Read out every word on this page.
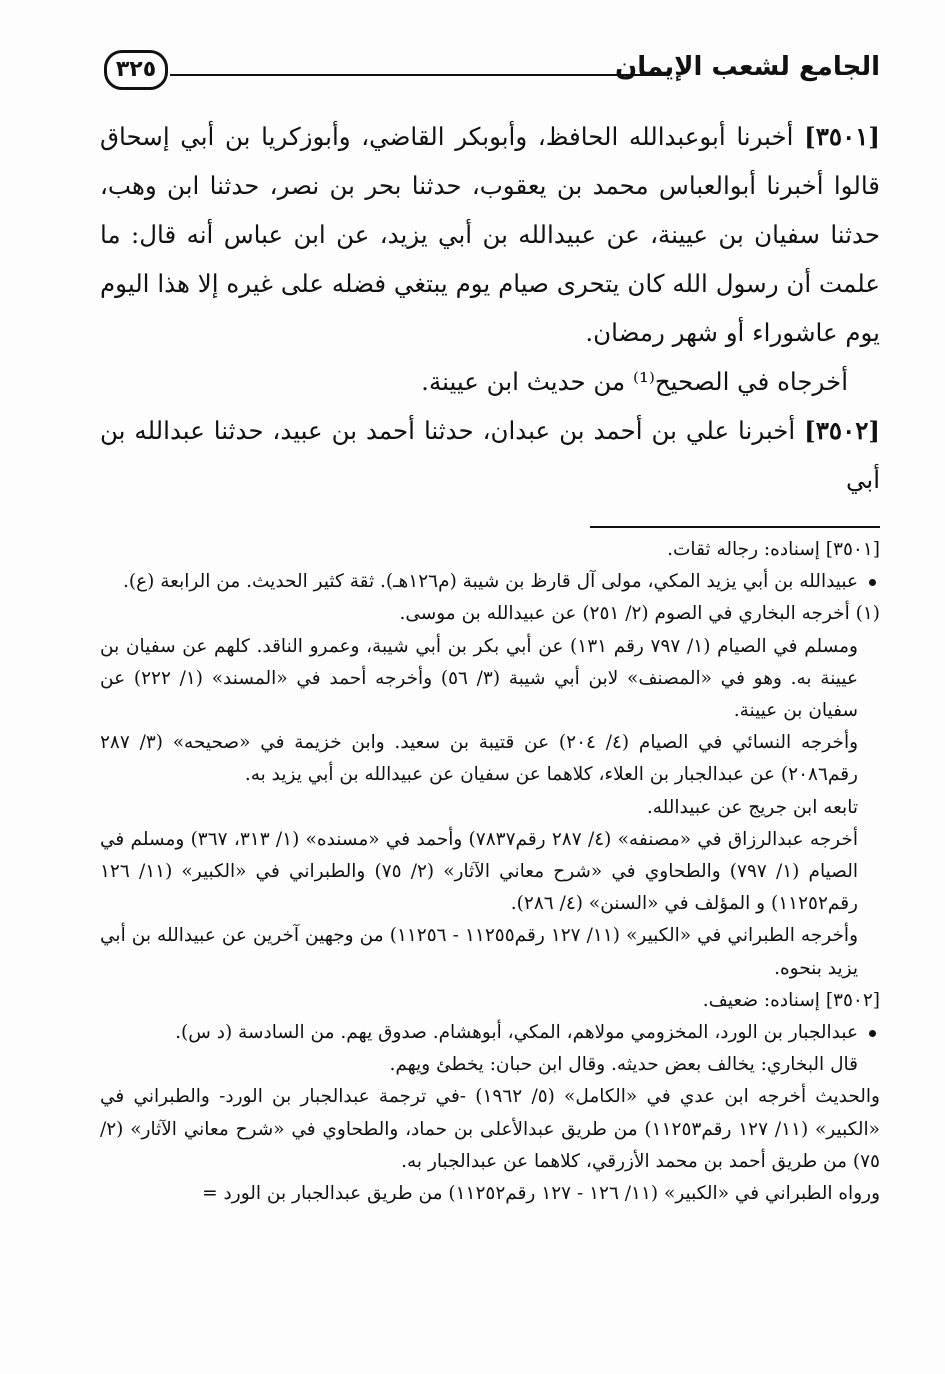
الجامع لشعب الإيمان
٣٢٥

[٣٥٠١] أخبرنا أبوعبدالله الحافظ، وأبوبكر القاضي، وأبوزكريا بن أبي إسحاق قالوا أخبرنا أبوالعباس محمد بن يعقوب، حدثنا بحر بن نصر، حدثنا ابن وهب، حدثنا سفيان بن عيينة، عن عبيدالله بن أبي يزيد، عن ابن عباس أنه قال: ما علمت أن رسول الله كان يتحرى صيام يوم يبتغي فضله على غيره إلا هذا اليوم يوم عاشوراء أو شهر رمضان.

أخرجاه في الصحيح⁽¹⁾ من حديث ابن عيينة.

[٣٥٠٢] أخبرنا علي بن أحمد بن عبدان، حدثنا أحمد بن عبيد، حدثنا عبدالله بن أبي

[٣٥٠١] إسناده: رجاله ثقات.

عبيدالله بن أبي يزيد المكي، مولى آل قارظ بن شيبة (م١٢٦هـ). ثقة كثير الحديث. من الرابعة (ع).

(١) أخرجه البخاري في الصوم (٢/ ٢٥١) عن عبيدالله بن موسى.

ومسلم في الصيام (١/ ٧٩٧ رقم ١٣١) عن أبي بكر بن أبي شيبة، وعمرو الناقد. كلهم عن سفيان بن عيينة به. وهو في «المصنف» لابن أبي شيبة (٣/ ٥٦) وأخرجه أحمد في «المسند» (١/ ٢٢٢) عن سفيان بن عيينة.

وأخرجه النسائي في الصيام (٤/ ٢٠٤) عن قتيبة بن سعيد. وابن خزيمة في «صحيحه» (٣/ ٢٨٧ رقم٢٠٨٦) عن عبدالجبار بن العلاء، كلاهما عن سفيان عن عبيدالله بن أبي يزيد به.

تابعه ابن جريج عن عبيدالله.

أخرجه عبدالرزاق في «مصنفه» (٤/ ٢٨٧ رقم٧٨٣٧) وأحمد في «مسنده» (١/ ٣١٣، ٣٦٧) ومسلم في الصيام (١/ ٧٩٧) والطحاوي في «شرح معاني الآثار» (٢/ ٧٥) والطبراني في «الكبير» (١١/ ١٢٦ رقم١١٢٥٢) و المؤلف في «السنن» (٤/ ٢٨٦).

وأخرجه الطبراني في «الكبير» (١١/ ١٢٧ رقم١١٢٥٥ - ١١٢٥٦) من وجهين آخرين عن عبيدالله بن أبي يزيد بنحوه.

[٣٥٠٢] إسناده: ضعيف.

عبدالجبار بن الورد، المخزومي مولاهم، المكي، أبوهشام. صدوق يهم. من السادسة (د س).

قال البخاري: يخالف بعض حديثه. وقال ابن حبان: يخطئ ويهم.

والحديث أخرجه ابن عدي في «الكامل» (٥/ ١٩٦٢) -في ترجمة عبدالجبار بن الورد- والطبراني في «الكبير» (١١/ ١٢٧ رقم١١٢٥٣) من طريق عبدالأعلى بن حماد، والطحاوي في «شرح معاني الآثار» (٢/ ٧٥) من طريق أحمد بن محمد الأزرقي، كلاهما عن عبدالجبار به.

ورواه الطبراني في «الكبير» (١١/ ١٢٦ - ١٢٧ رقم١١٢٥٢) من طريق عبدالجبار بن الورد =
